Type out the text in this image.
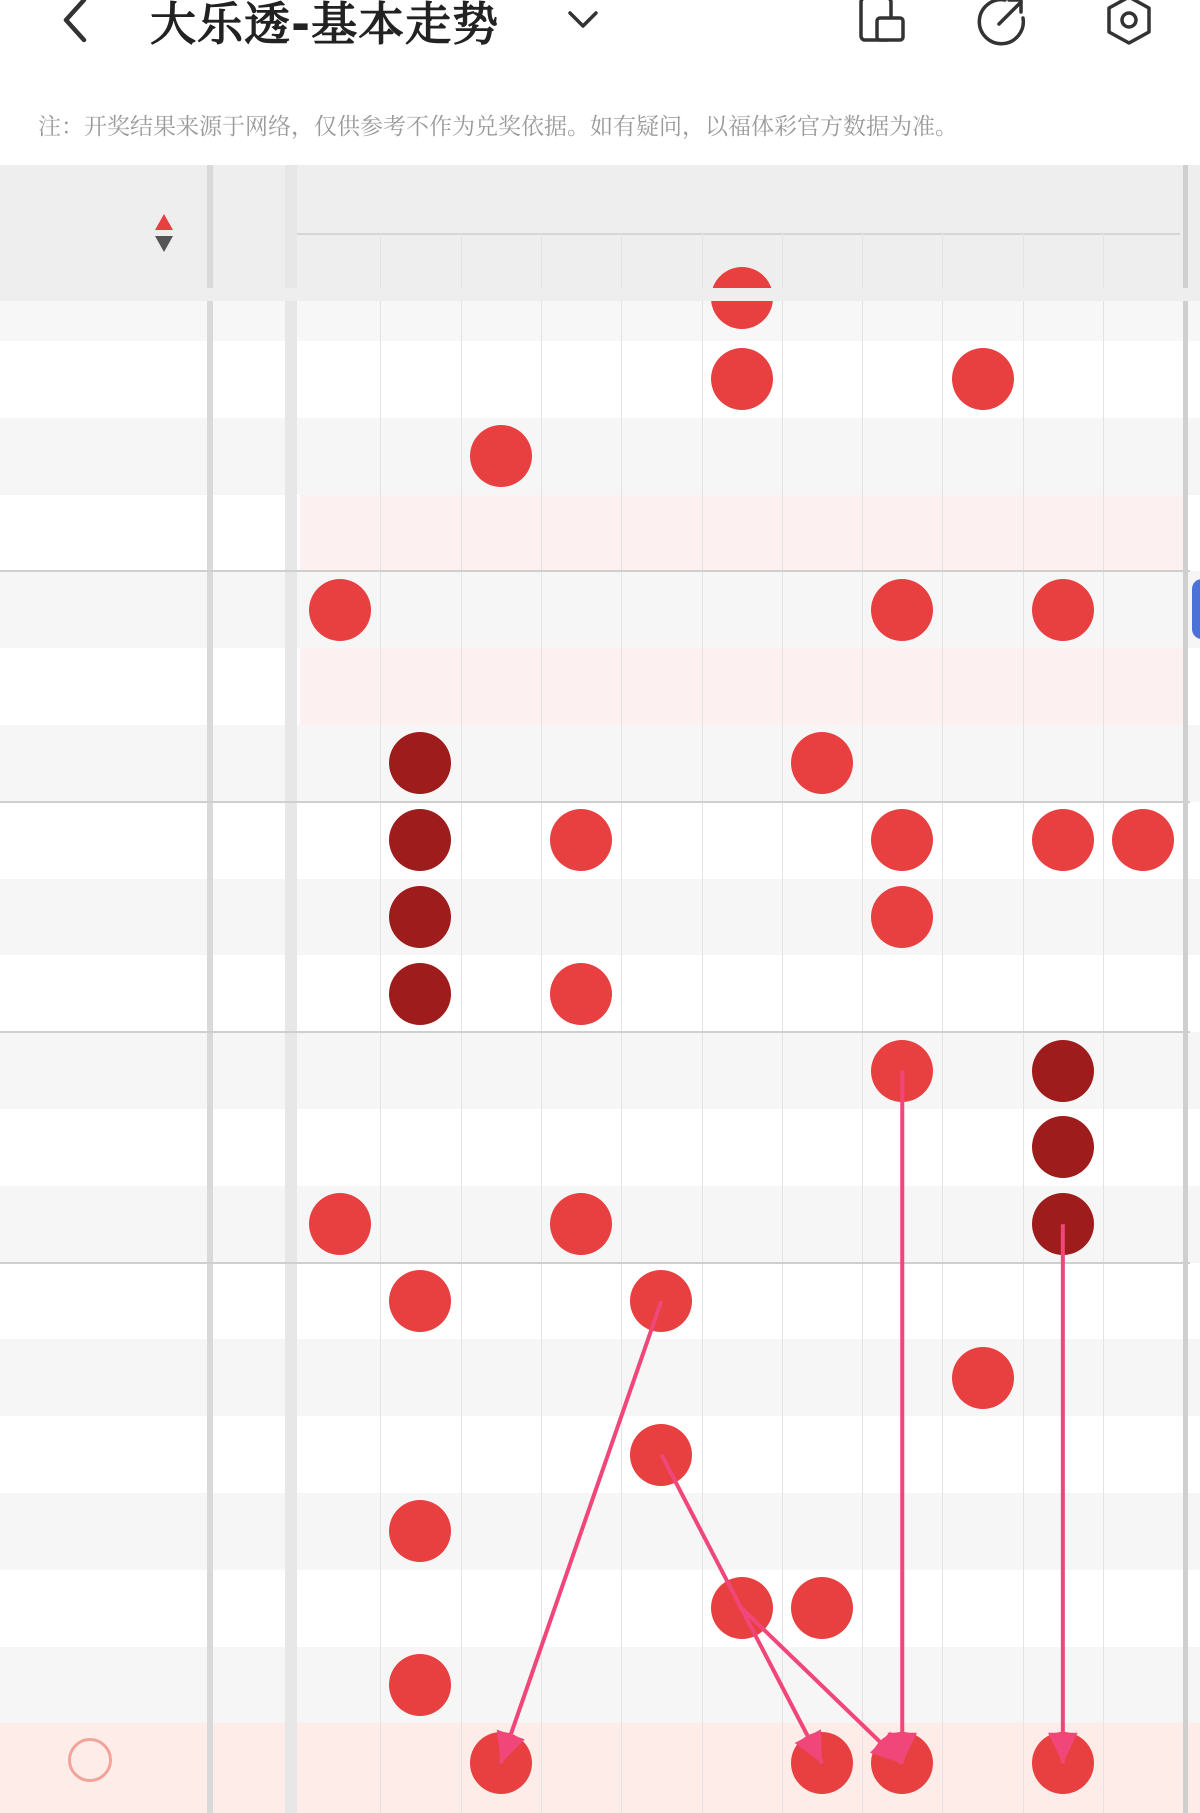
大乐透-基本走势
注：开奖结果来源于网络，仅供参考不作为兑奖依据。如有疑问，以福体彩官方数据为准。
